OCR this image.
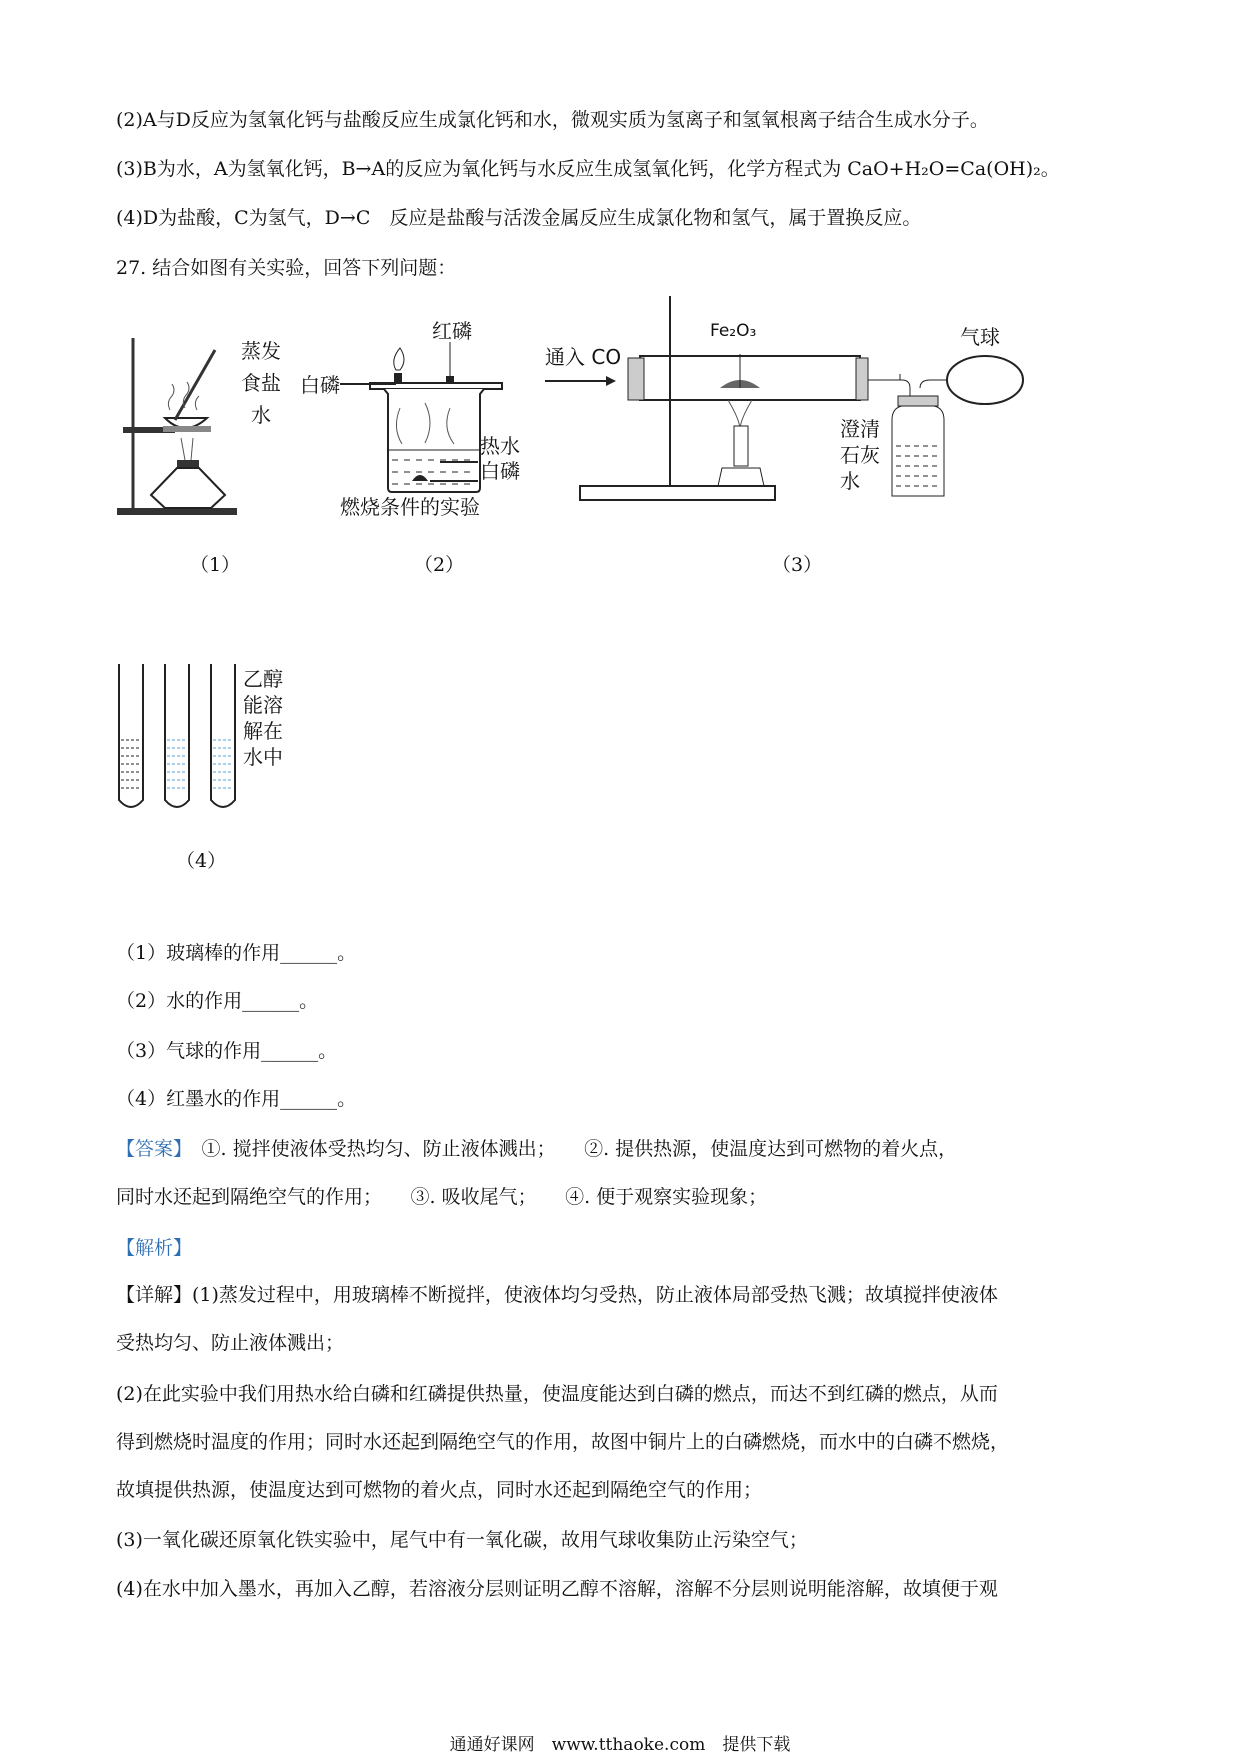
(2)A与D反应为氢氧化钙与盐酸反应生成氯化钙和水，微观实质为氢离子和氢氧根离子结合生成水分子。
(3)B为水，A为氢氧化钙，B→A的反应为氧化钙与水反应生成氢氧化钙，化学方程式为 CaO+H₂O=Ca(OH)₂。
(4)D为盐酸，C为氢气，D→C　反应是盐酸与活泼金属反应生成氯化物和氢气，属于置换反应。
27. 结合如图有关实验，回答下列问题：
蒸发
食盐
水
（1）
红磷
白磷
热水
白磷
燃烧条件的实验
（2）
通入 CO
Fe₂O₃	气球
澄清
石灰
水
（3）
乙醇
能溶
解在
水中
（4）
（1）玻璃棒的作用______。
（2）水的作用______。
（3）气球的作用______。
（4）红墨水的作用______。
【答案】　①. 搅拌使液体受热均匀、防止液体溅出；　　②. 提供热源，使温度达到可燃物的着火点，
同时水还起到隔绝空气的作用；　　③. 吸收尾气；　　④. 便于观察实验现象；
【解析】
【详解】(1)蒸发过程中，用玻璃棒不断搅拌，使液体均匀受热，防止液体局部受热飞溅；故填搅拌使液体
受热均匀、防止液体溅出；
(2)在此实验中我们用热水给白磷和红磷提供热量，使温度能达到白磷的燃点，而达不到红磷的燃点，从而
得到燃烧时温度的作用；同时水还起到隔绝空气的作用，故图中铜片上的白磷燃烧，而水中的白磷不燃烧，
故填提供热源，使温度达到可燃物的着火点，同时水还起到隔绝空气的作用；
(3)一氧化碳还原氧化铁实验中，尾气中有一氧化碳，故用气球收集防止污染空气；
(4)在水中加入墨水，再加入乙醇，若溶液分层则证明乙醇不溶解，溶解不分层则说明能溶解，故填便于观
通通好课网　www.tthaoke.com　提供下载
